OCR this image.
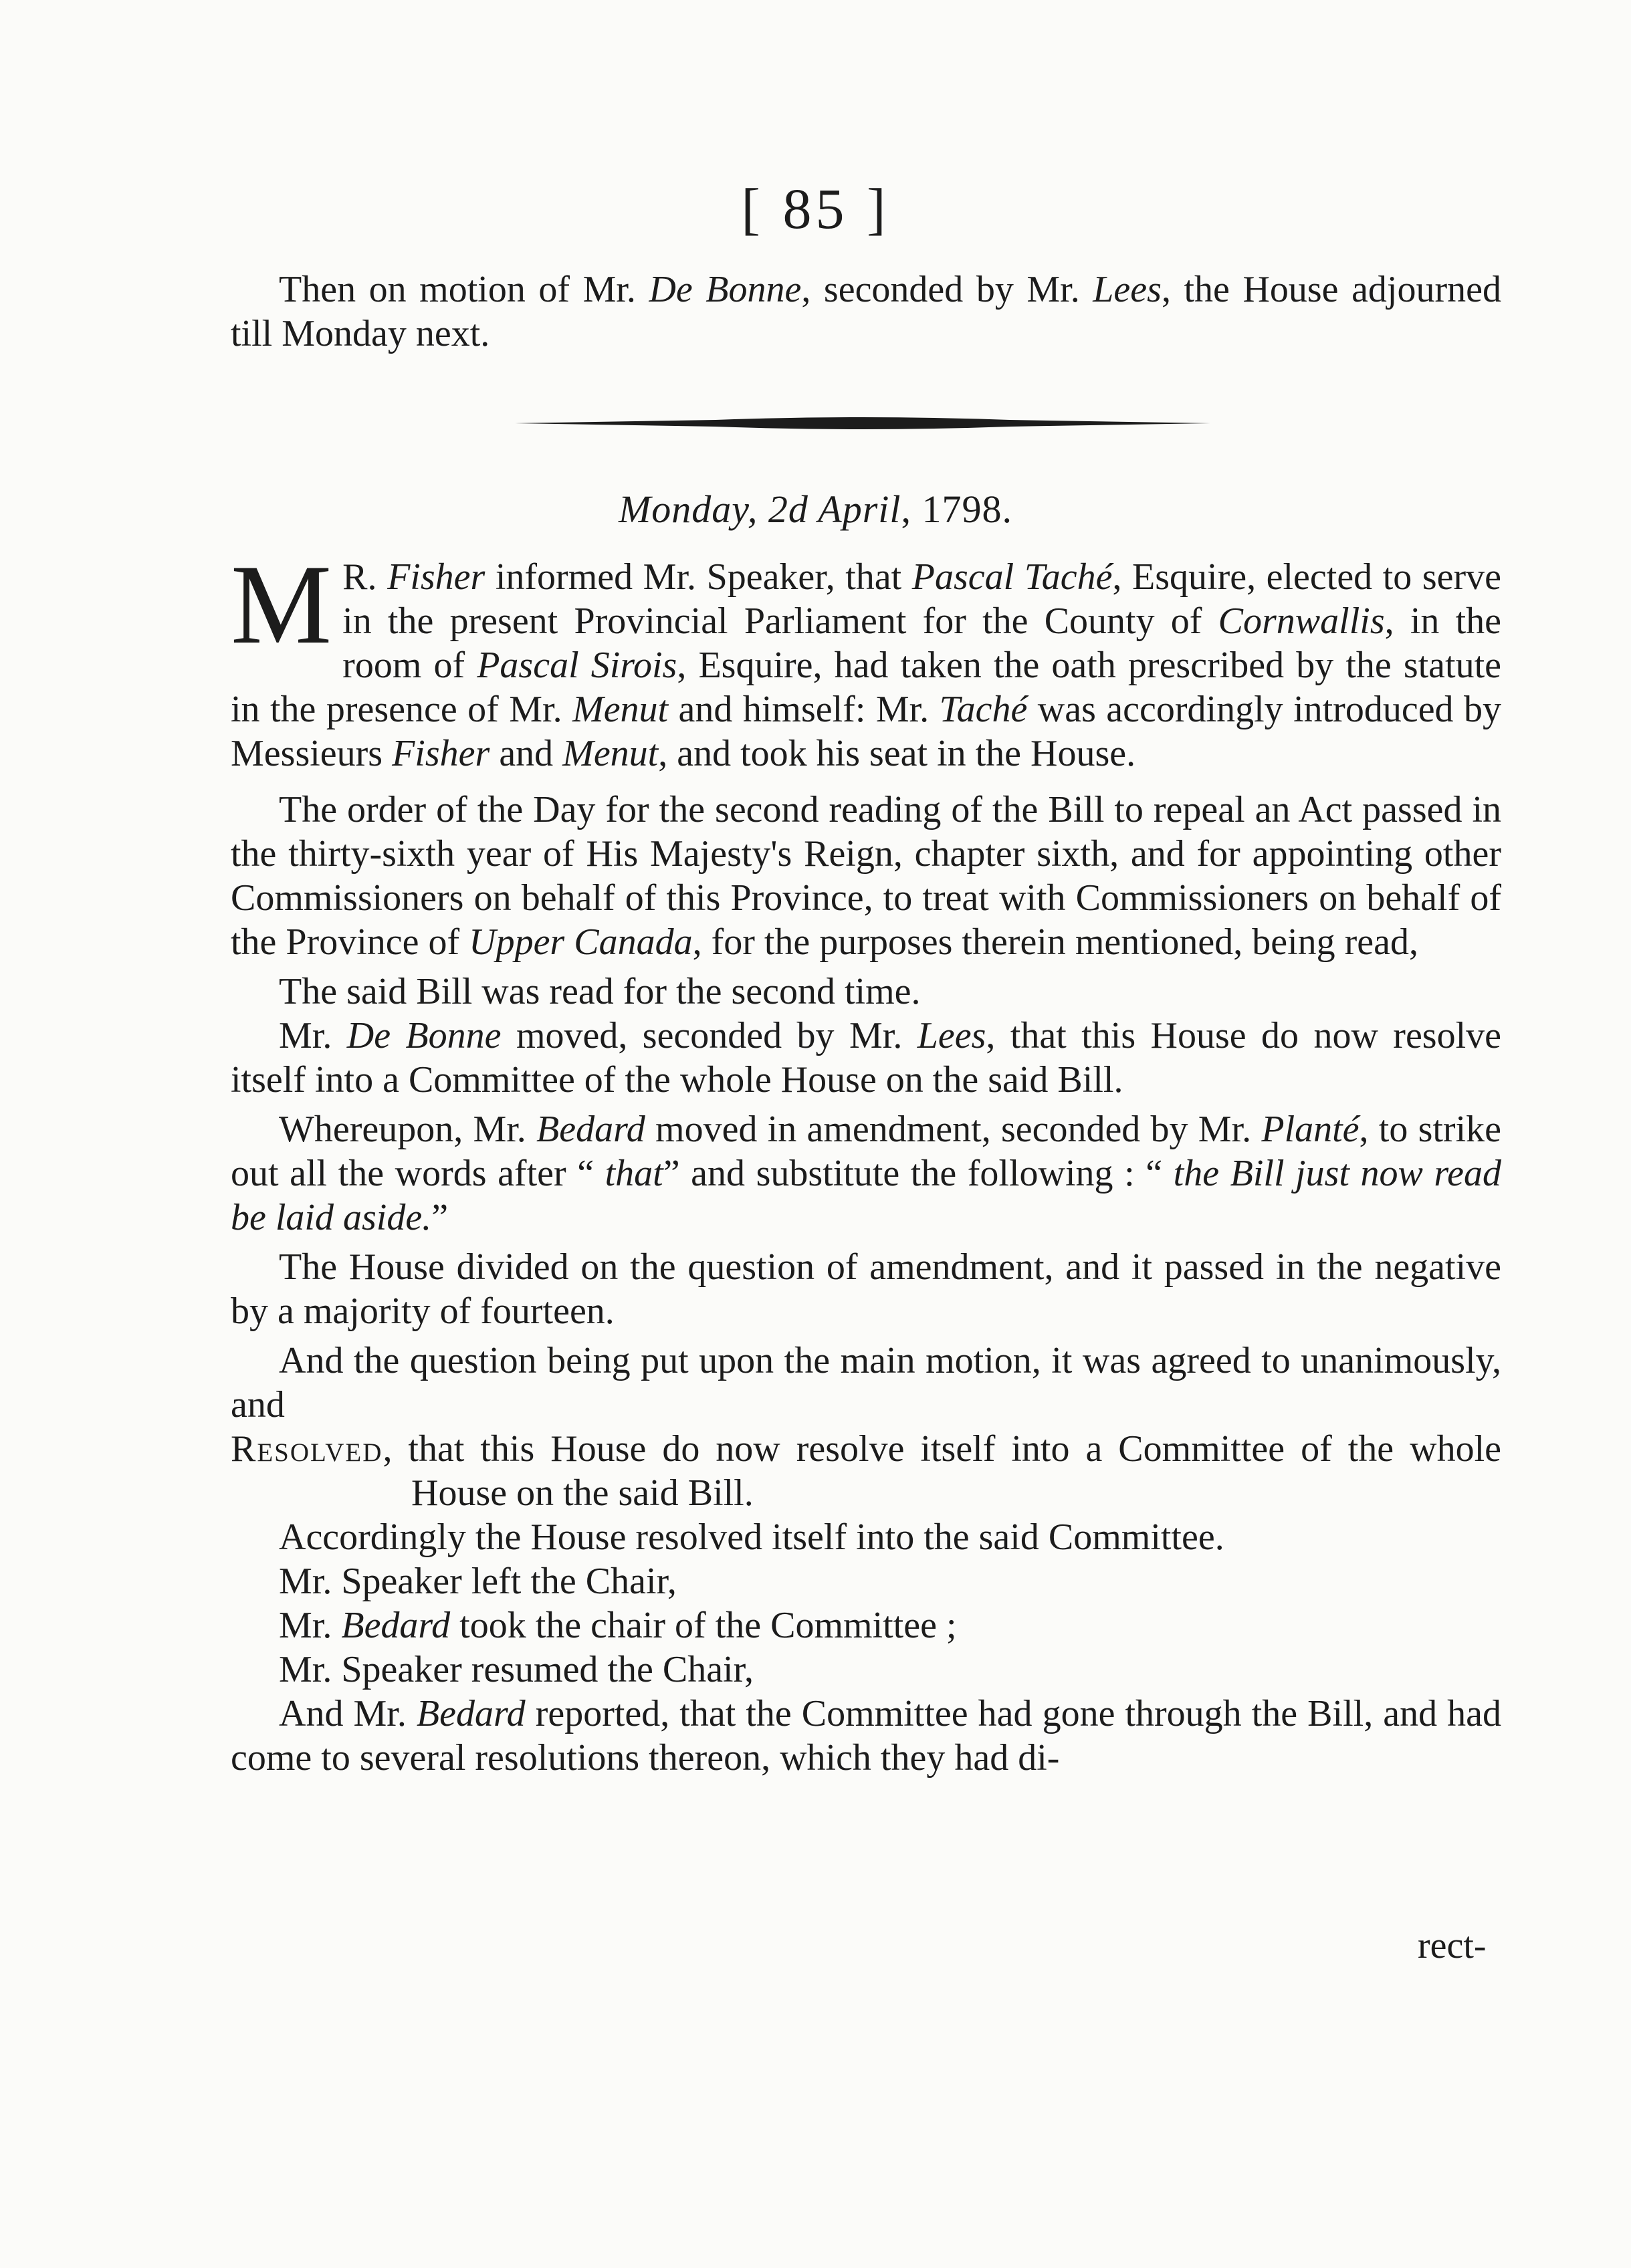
[ 85 ]

Then on motion of Mr. De Bonne, seconded by Mr. Lees, the House adjourned till Monday next.

Monday, 2d April, 1798.

M R. Fisher informed Mr. Speaker, that Pascal Taché, Esquire, elected to serve in the present Provincial Parliament for the County of Cornwallis, in the room of Pascal Sirois, Esquire, had taken the oath prescribed by the statute in the presence of Mr. Menut and himself: Mr. Taché was accordingly introduced by Messieurs Fisher and Menut, and took his seat in the House.

The order of the Day for the second reading of the Bill to repeal an Act passed in the thirty-sixth year of His Majesty's Reign, chapter sixth, and for appointing other Commissioners on behalf of this Province, to treat with Commissioners on behalf of the Province of Upper Canada, for the purposes therein mentioned, being read,

The said Bill was read for the second time.

Mr. De Bonne moved, seconded by Mr. Lees, that this House do now resolve itself into a Committee of the whole House on the said Bill.

Whereupon, Mr. Bedard moved in amendment, seconded by Mr. Planté, to strike out all the words after “ that” and substitute the following : “ the Bill just now read be laid aside.”

The House divided on the question of amendment, and it passed in the negative by a majority of fourteen.

And the question being put upon the main motion, it was agreed to unanimously, and

Resolved, that this House do now resolve itself into a Committee of the whole House on the said Bill.

Accordingly the House resolved itself into the said Committee.

Mr. Speaker left the Chair,

Mr. Bedard took the chair of the Committee ;

Mr. Speaker resumed the Chair,

And Mr. Bedard reported, that the Committee had gone through the Bill, and had come to several resolutions thereon, which they had di-

rect-
